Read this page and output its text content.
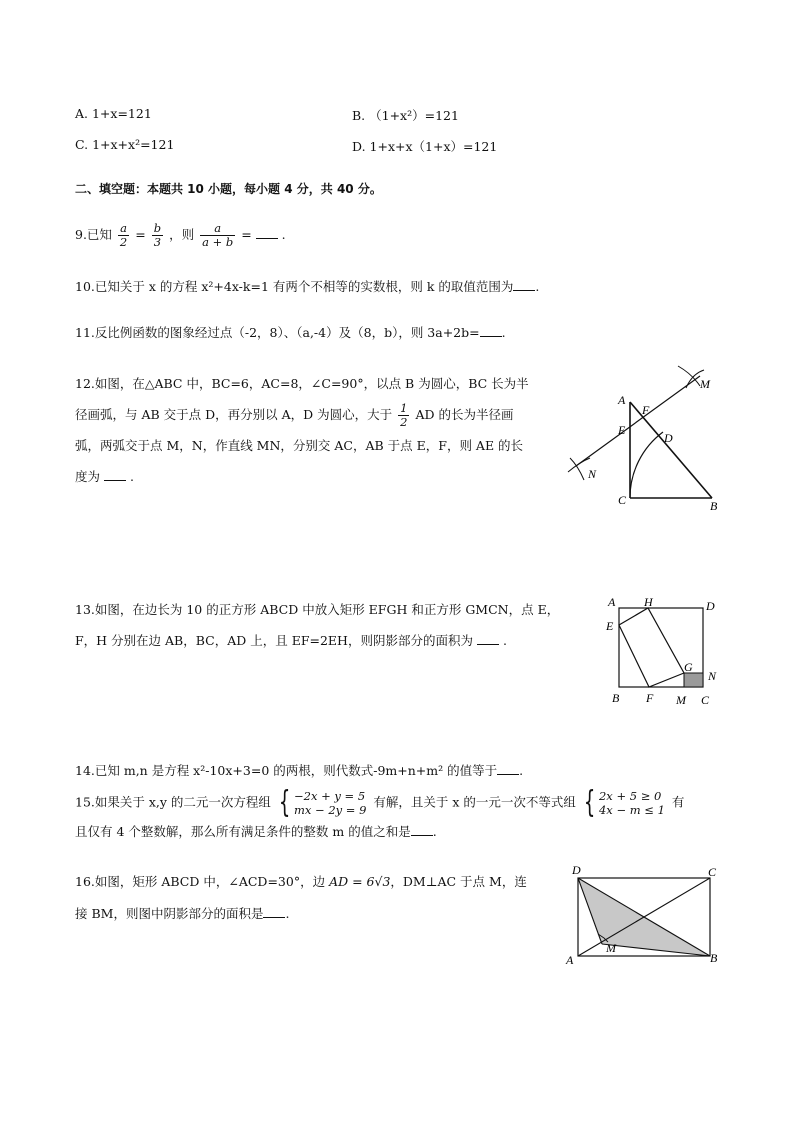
A. 1+x=121	B. （1+x²）=121
C. 1+x+x²=121	D. 1+x+x（1+x）=121
二、填空题：本题共 10 小题，每小题 4 分，共 40 分。
9.已知 $\frac{a}{2} = \frac{b}{3}$ ，则 $\frac{a}{a + b}$ = .
10.已知关于 x 的方程 x²+4x-k=1 有两个不相等的实数根，则 k 的取值范围为 .
11.反比例函数的图象经过点（-2，8）、（a,-4）及（8，b），则 3a+2b= .
12.如图，在△ABC 中，BC=6，AC=8，∠C=90°，以点 B 为圆心，BC 长为半
径画弧，与 AB 交于点 D，再分别以 A，D 为圆心，大于 $\frac{1}{2}$ AD 的长为半径画
弧，两弧交于点 M，N，作直线 MN，分别交 AC，AB 于点 E，F，则 AE 的长
度为 .
A
E
F
D
M
N
C	B
13.如图，在边长为 10 的正方形 ABCD 中放入矩形 EFGH 和正方形 GMCN，点 E，
F，H 分别在边 AB，BC，AD 上，且 EF=2EH，则阴影部分的面积为 .
A H	D
E
G
N
B F M C
14.已知 m,n 是方程 x²-10x+3=0 的两根，则代数式-9m+n+m² 的值等于 .
15.如果关于 x,y 的二元一次方程组 { −2x + y = 5
mx − 2y = 9
有解，且关于 x 的一元一次不等式组 { 2x + 5 ≥ 0
4x − m ≤ 1
有
且仅有 4 个整数解，那么所有满足条件的整数 m 的值之和是 .
16.如图，矩形 ABCD 中，∠ACD=30°，边 AD = 6√3，DM⊥AC 于点 M，连
接 BM，则图中阴影部分的面积是 .
D	C
A	B
M
